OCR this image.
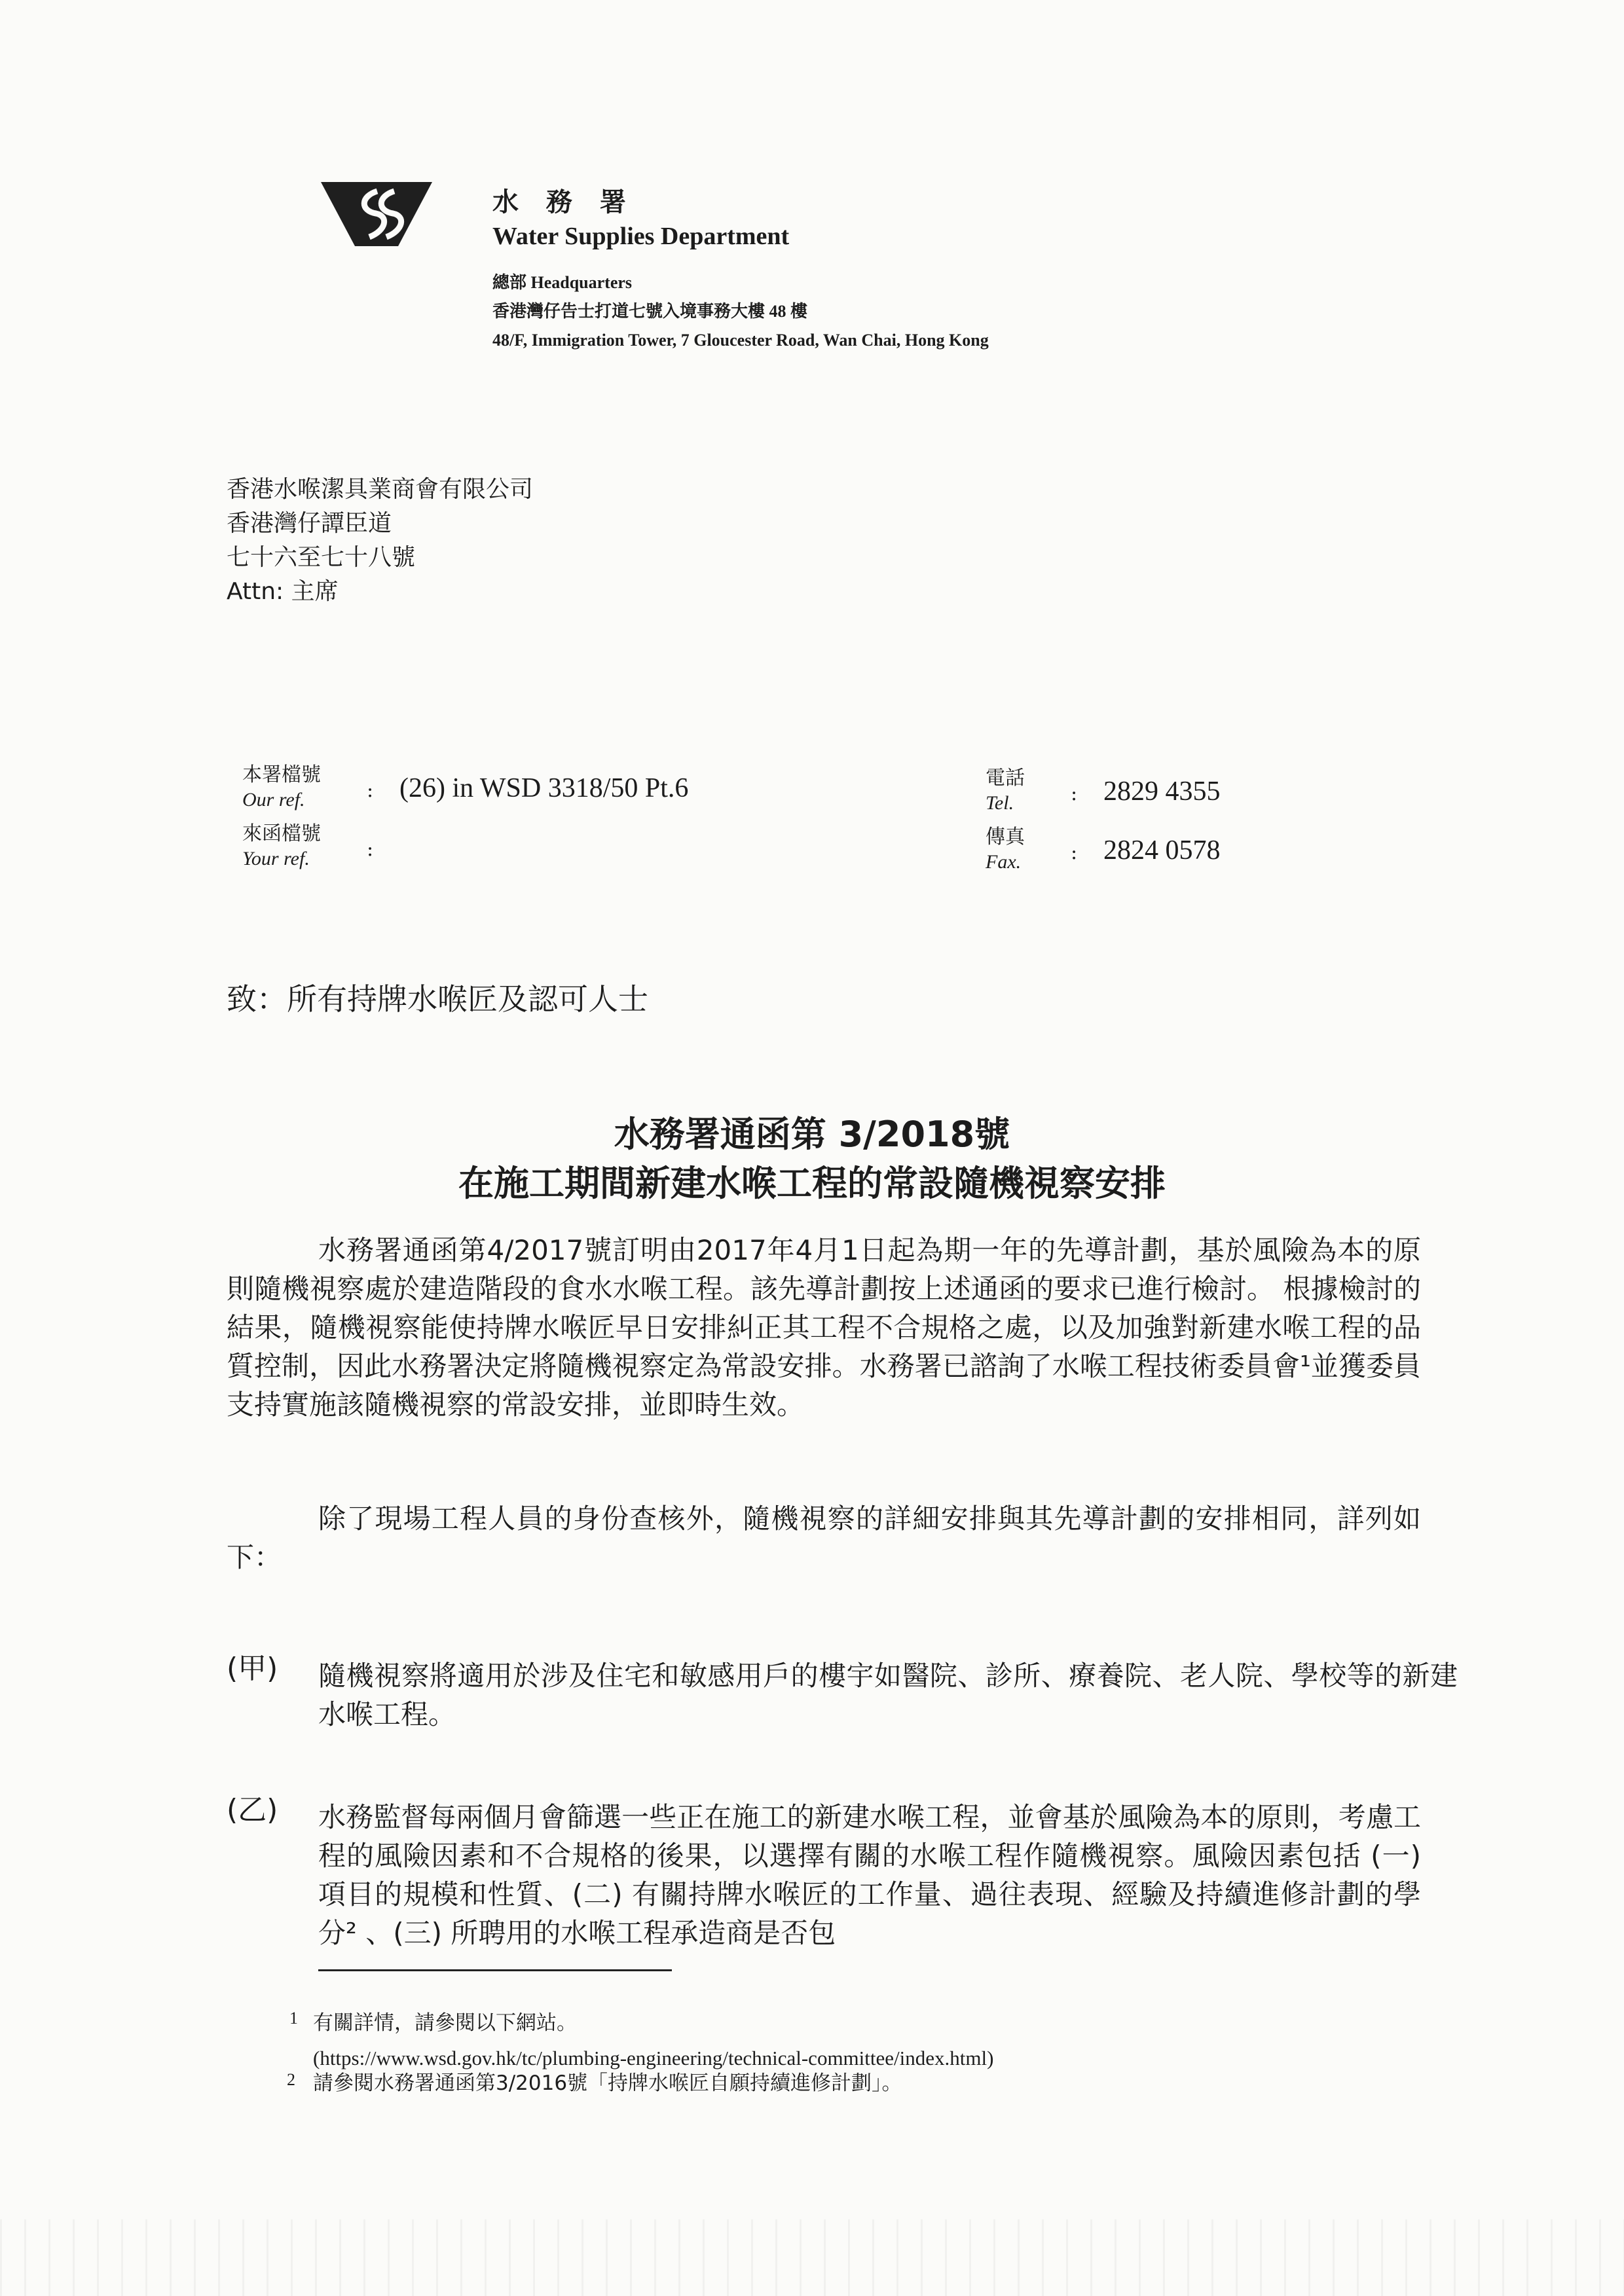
水 務 署
Water Supplies Department
總部 Headquarters
香港灣仔告士打道七號入境事務大樓 48 樓
48/F, Immigration Tower, 7 Gloucester Road, Wan Chai, Hong Kong
香港水喉潔具業商會有限公司
香港灣仔譚臣道
七十六至七十八號
Attn: 主席
本署檔號
Our ref.	: (26) in WSD 3318/50 Pt.6
來函檔號
Your ref.	:
電話
Tel.	: 2829 4355
傳真
Fax.	: 2824 0578
致：所有持牌水喉匠及認可人士
水務署通函第 3/2018號
在施工期間新建水喉工程的常設隨機視察安排
水務署通函第4/2017號訂明由2017年4月1日起為期一年的先導計劃，基於風險為本的原則隨機視察處於建造階段的食水水喉工程。該先導計劃按上述通函的要求已進行檢討。 根據檢討的結果，隨機視察能使持牌水喉匠早日安排糾正其工程不合規格之處，以及加強對新建水喉工程的品質控制，因此水務署決定將隨機視察定為常設安排。水務署已諮詢了水喉工程技術委員會¹並獲委員支持實施該隨機視察的常設安排，並即時生效。
除了現場工程人員的身份查核外，隨機視察的詳細安排與其先導計劃的安排相同，詳列如下：
(甲) 隨機視察將適用於涉及住宅和敏感用戶的樓宇如醫院、診所、療養院、老人院、學校等的新建水喉工程。
(乙) 水務監督每兩個月會篩選一些正在施工的新建水喉工程，並會基於風險為本的原則，考慮工程的風險因素和不合規格的後果，以選擇有關的水喉工程作隨機視察。風險因素包括 (一) 項目的規模和性質、(二) 有關持牌水喉匠的工作量、過往表現、經驗及持續進修計劃的學分² 、(三) 所聘用的水喉工程承造商是否包
1 有關詳情，請參閱以下網站。
(https://www.wsd.gov.hk/tc/plumbing-engineering/technical-committee/index.html)
2 請參閱水務署通函第3/2016號「持牌水喉匠自願持續進修計劃」。
